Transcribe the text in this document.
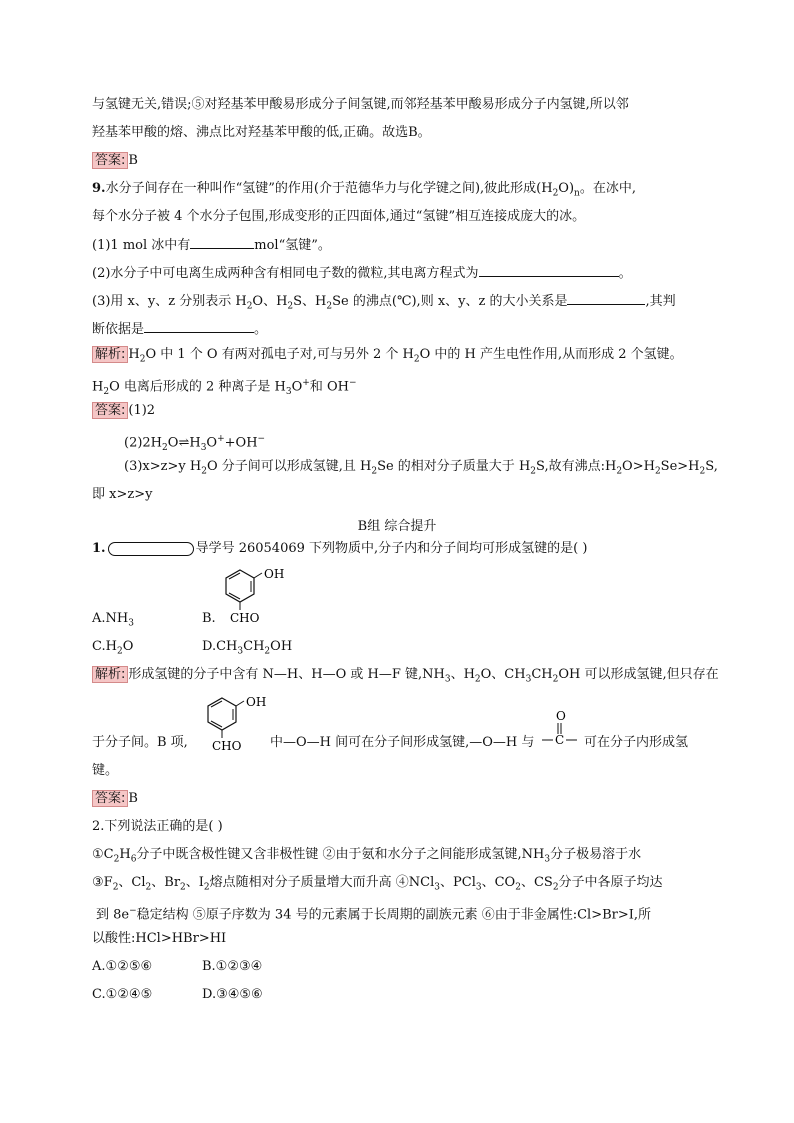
与氢键无关,错误;⑤对羟基苯甲酸易形成分子间氢键,而邻羟基苯甲酸易形成分子内氢键,所以邻
羟基苯甲酸的熔、沸点比对羟基苯甲酸的低,正确。故选B。
答案: B
9.水分子间存在一种叫作“氢键”的作用(介于范德华力与化学键之间),彼此形成$(H_2O)_n$。在冰中,
每个水分子被 4 个水分子包围,形成变形的正四面体,通过“氢键”相互连接成庞大的冰。
(1)1 mol 冰中有	mol“氢键”。
(2)水分子中可电离生成两种含有相同电子数的微粒,其电离方程式为	。
(3)用 x、y、z 分别表示 $H_2O$、$H_2S$、$H_2Se$ 的沸点(℃),则 x、y、z 的大小关系是	,其判
断依据是	。
解析: $H_2O$ 中 1 个 O 有两对孤电子对,可与另外 2 个 $H_2O$ 中的 H 产生电性作用,从而形成 2 个氢键。
$H_2O$ 电离后形成的 2 种离子是 $H_3O^+$和 OH−
答案: (1)2
$(2)2H_2O\rightleftharpoons H_3O^++OH^-$
(3)x>z>y $H_2O$ 分子间可以形成氢键,且 $H_2Se$ 的相对分子质量大于 $H_2S$,故有沸点$:H_2O>H_2Se>H_2S$,
即 x>z>y
B组 综合提升
1.	导学号 26054069 下列物质中,分子内和分子间均可形成氢键的是( )
OH
CHO
$A.NH_3$	B.
$C.H_2O$	$D.CH_3CH_2OH$
解析: 形成氢键的分子中含有 N—H、H—O 或 H—F 键$,NH_3$、$H_2O$、$CH_3CH_2OH$ 可以形成氢键,但只存在
OH
CHO
O
C
于分子间。B 项,	中—O—H 间可在分子间形成氢键,—O—H 与	可在分子内形成氢
键。
答案: B
2.下列说法正确的是( )
$①C_2H_6$分子中既含极性键又含非极性键 ②由于氨和水分子之间能形成氢键$,NH_3$分子极易溶于水
$③F_2$、$Cl_2$、$Br_2$、$I_2$熔点随相对分子质量增大而升高 ④NCl$_3$、PCl$_3$、$CO_2$、$CS_2$分子中各原子均达
到 8e−稳定结构 ⑤原子序数为 34 号的元素属于长周期的副族元素 ⑥由于非金属性:Cl>Br>I,所
以酸性:HCl>HBr>HI
A.①②⑤⑥	B.①②③④
C.①②④⑤	D.③④⑤⑥
